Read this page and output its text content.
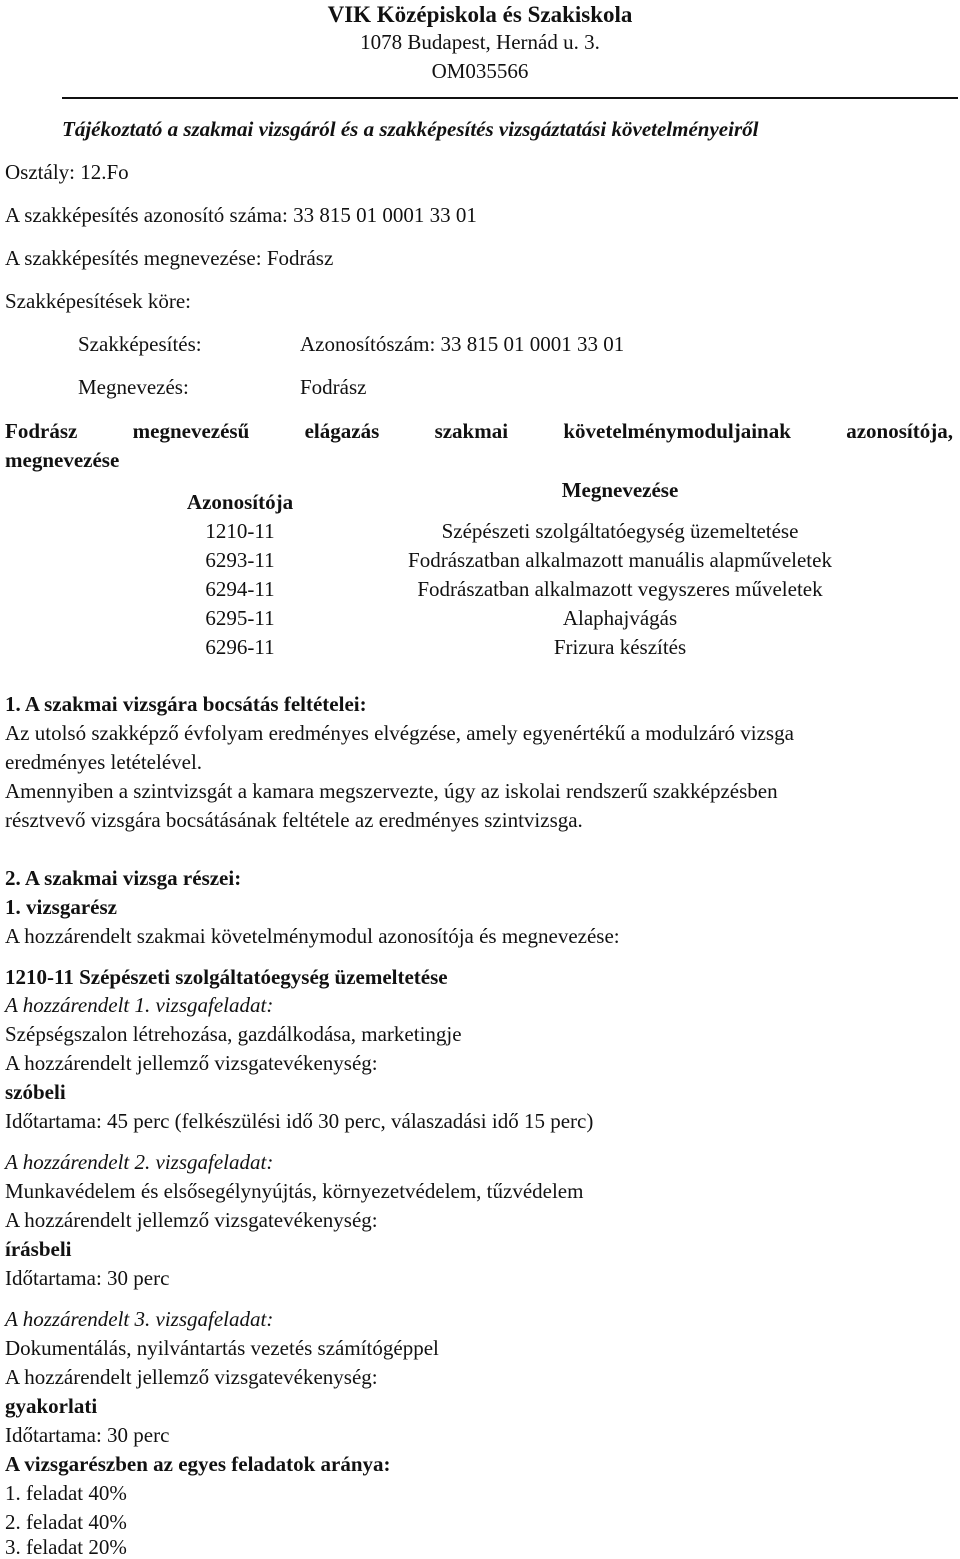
VIK Középiskola és Szakiskola
1078 Budapest, Hernád u. 3.
OM035566
Tájékoztató a szakmai vizsgáról és a szakképesítés vizsgáztatási követelményeiről
Osztály: 12.Fo
A szakképesítés azonosító száma: 33 815 01 0001 33 01
A szakképesítés megnevezése: Fodrász
Szakképesítések köre:
Szakképesítés:	Azonosítószám: 33 815 01 0001 33 01
Megnevezés:	Fodrász
Fodrász	megnevezésű	elágazás	szakmai	követelménymoduljainak	azonosítója,
megnevezése
Azonosítója	Megnevezése
1210-11	Szépészeti szolgáltatóegység üzemeltetése
6293-11	Fodrászatban alkalmazott manuális alapműveletek
6294-11	Fodrászatban alkalmazott vegyszeres műveletek
6295-11	Alaphajvágás
6296-11	Frizura készítés
1. A szakmai vizsgára bocsátás feltételei:
Az utolsó szakképző évfolyam eredményes elvégzése, amely egyenértékű a modulzáró vizsga
eredményes letételével.
Amennyiben a szintvizsgát a kamara megszervezte, úgy az iskolai rendszerű szakképzésben
résztvevő vizsgára bocsátásának feltétele az eredményes szintvizsga.
2. A szakmai vizsga részei:
1. vizsgarész
A hozzárendelt szakmai követelménymodul azonosítója és megnevezése:
1210-11 Szépészeti szolgáltatóegység üzemeltetése
A hozzárendelt 1. vizsgafeladat:
Szépségszalon létrehozása, gazdálkodása, marketingje
A hozzárendelt jellemző vizsgatevékenység:
szóbeli
Időtartama: 45 perc (felkészülési idő 30 perc, válaszadási idő 15 perc)
A hozzárendelt 2. vizsgafeladat:
Munkavédelem és elsősegélynyújtás, környezetvédelem, tűzvédelem
A hozzárendelt jellemző vizsgatevékenység:
írásbeli
Időtartama: 30 perc
A hozzárendelt 3. vizsgafeladat:
Dokumentálás, nyilvántartás vezetés számítógéppel
A hozzárendelt jellemző vizsgatevékenység:
gyakorlati
Időtartama: 30 perc
A vizsgarészben az egyes feladatok aránya:
1. feladat 40%
2. feladat 40%
3. feladat 20%
